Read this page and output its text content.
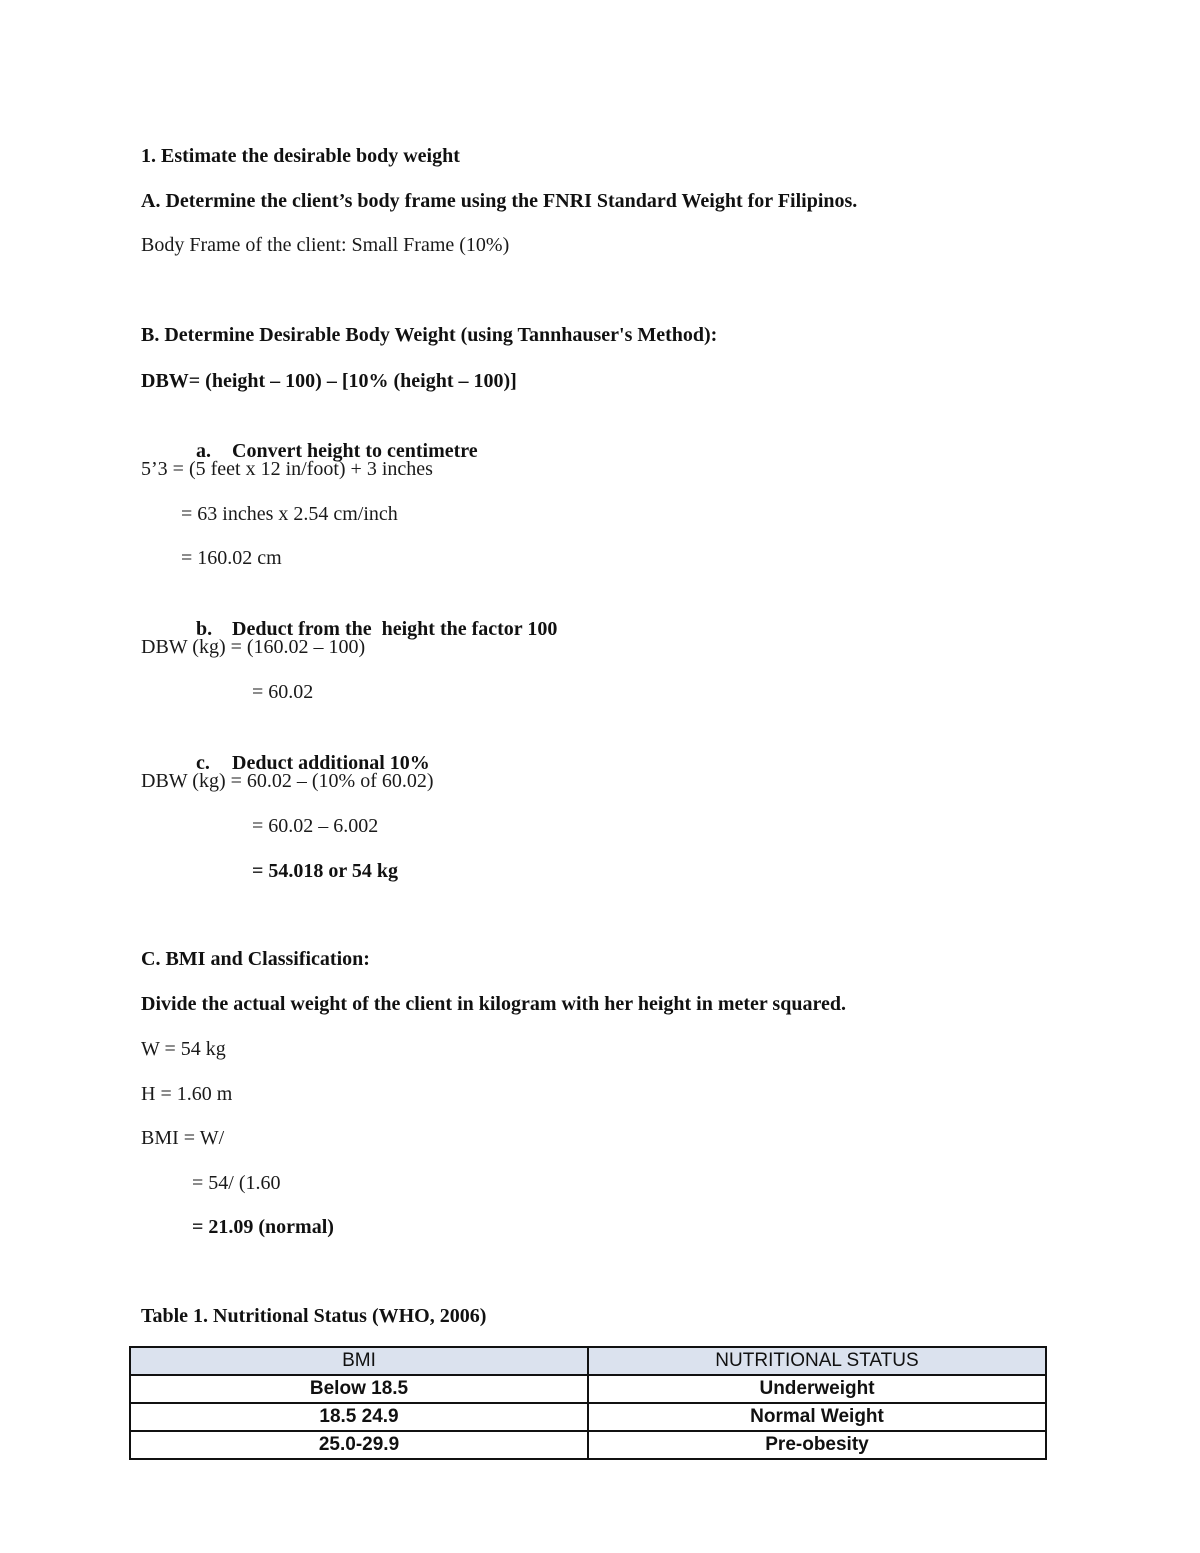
1. Estimate the desirable body weight
A. Determine the client’s body frame using the FNRI Standard Weight for Filipinos.
Body Frame of the client: Small Frame (10%)
B. Determine Desirable Body Weight (using Tannhauser's Method):
DBW= (height – 100) – [10% (height – 100)]

a. Convert height to centimetre

5’3 = (5 feet x 12 in/foot) + 3 inches
= 63 inches x 2.54 cm/inch
= 160.02 cm

b. Deduct from the  height the factor 100

DBW (kg) = (160.02 – 100)
= 60.02

c. Deduct additional 10%

DBW (kg) = 60.02 – (10% of 60.02)
= 60.02 – 6.002
= 54.018 or 54 kg
C. BMI and Classification:
Divide the actual weight of the client in kilogram with her height in meter squared.
W = 54 kg
H = 1.60 m
BMI = W/
= 54/ (1.60
= 21.09 (normal)
Table 1. Nutritional Status (WHO, 2006)
BMI	NUTRITIONAL STATUS
Below 18.5	Underweight
18.5 24.9	Normal Weight
25.0-29.9	Pre-obesity
